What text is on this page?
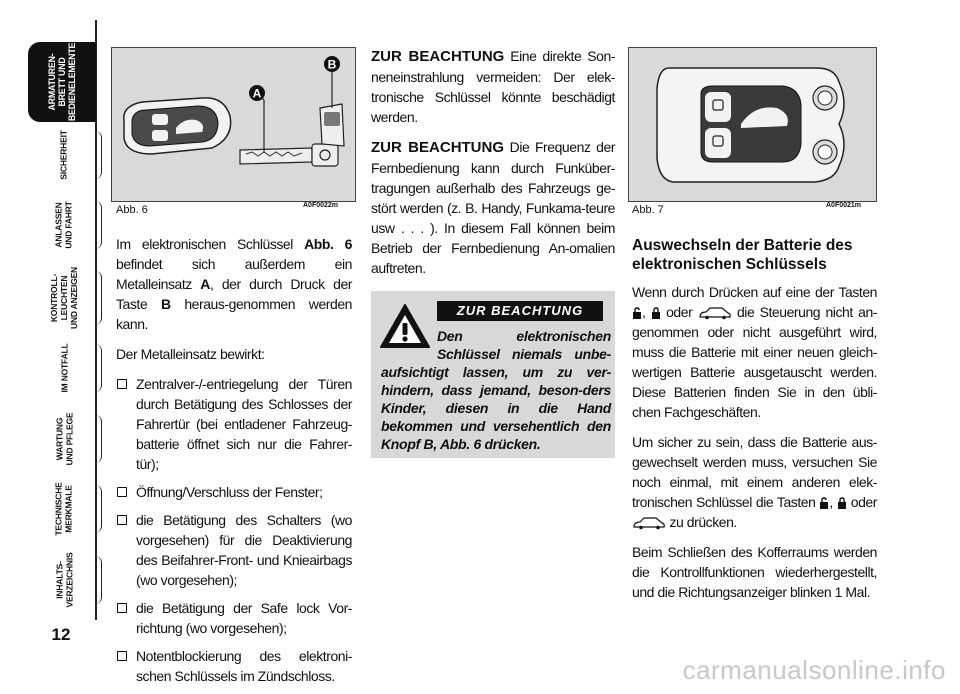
ARMATUREN-
BRETT UND
BEDIENELEMENTE
SICHERHEIT
ANLASSEN
UND FAHRT
KONTROLL-
LEUCHTEN
UND ANZEIGEN
IM NOTFALL
WARTUNG
UND PFLEGE
TECHNISCHE
MERKMALE
INHALTS-
VERZEICHNIS
12
A
B
Abb. 6	A0F0022m	Abb. 7	A0F0021m

Im elektronischen Schlüssel Abb. 6 befindet sich außerdem ein Metalleinsatz A, der durch Druck der Taste B heraus-genommen werden kann.

Der Metalleinsatz bewirkt:

Zentralver-/-entriegelung der Türen durch Betätigung des Schlosses der Fahrertür (bei entladener Fahrzeug-batterie öffnet sich nur die Fahrer-tür);
Öffnung/Verschluss der Fenster;
die Betätigung des Schalters (wo vorgesehen) für die Deaktivierung des Beifahrer-Front- und Knieairbags (wo vorgesehen);
die Betätigung der Safe lock Vor-richtung (wo vorgesehen);
Notentblockierung des elektroni-schen Schlüssels im Zündschloss.

ZUR BEACHTUNG Eine direkte Son-neneinstrahlung vermeiden: Der elek-tronische Schlüssel könnte beschädigt werden.

ZUR BEACHTUNG Die Frequenz der Fernbedienung kann durch Funküber-tragungen außerhalb des Fahrzeugs ge-stört werden (z. B. Handy, Funkama-teure usw . . . ). In diesem Fall können beim Betrieb der Fernbedienung An-omalien auftreten.

ZUR BEACHTUNG
Den elektronischen Schlüssel niemals unbe-aufsichtigt lassen, um zu ver-hindern, dass jemand, beson-ders Kinder, diesen in die Hand bekommen und versehentlich den Knopf B, Abb. 6 drücken.

Auswechseln der Batterie des elektronischen Schlüssels

Wenn durch Drücken auf eine der Tasten ,  oder  die Steuerung nicht an-genommen oder nicht ausgeführt wird, muss die Batterie mit einer neuen gleich-wertigen Batterie ausgetauscht werden. Diese Batterien finden Sie in den übli-chen Fachgeschäften.

Um sicher zu sein, dass die Batterie aus-gewechselt werden muss, versuchen Sie noch einmal, mit einem anderen elek-tronischen Schlüssel die Tasten ,  oder  zu drücken.

Beim Schließen des Kofferraums werden die Kontrollfunktionen wiederhergestellt, und die Richtungsanzeiger blinken 1 Mal.

carmanualsonline.info
